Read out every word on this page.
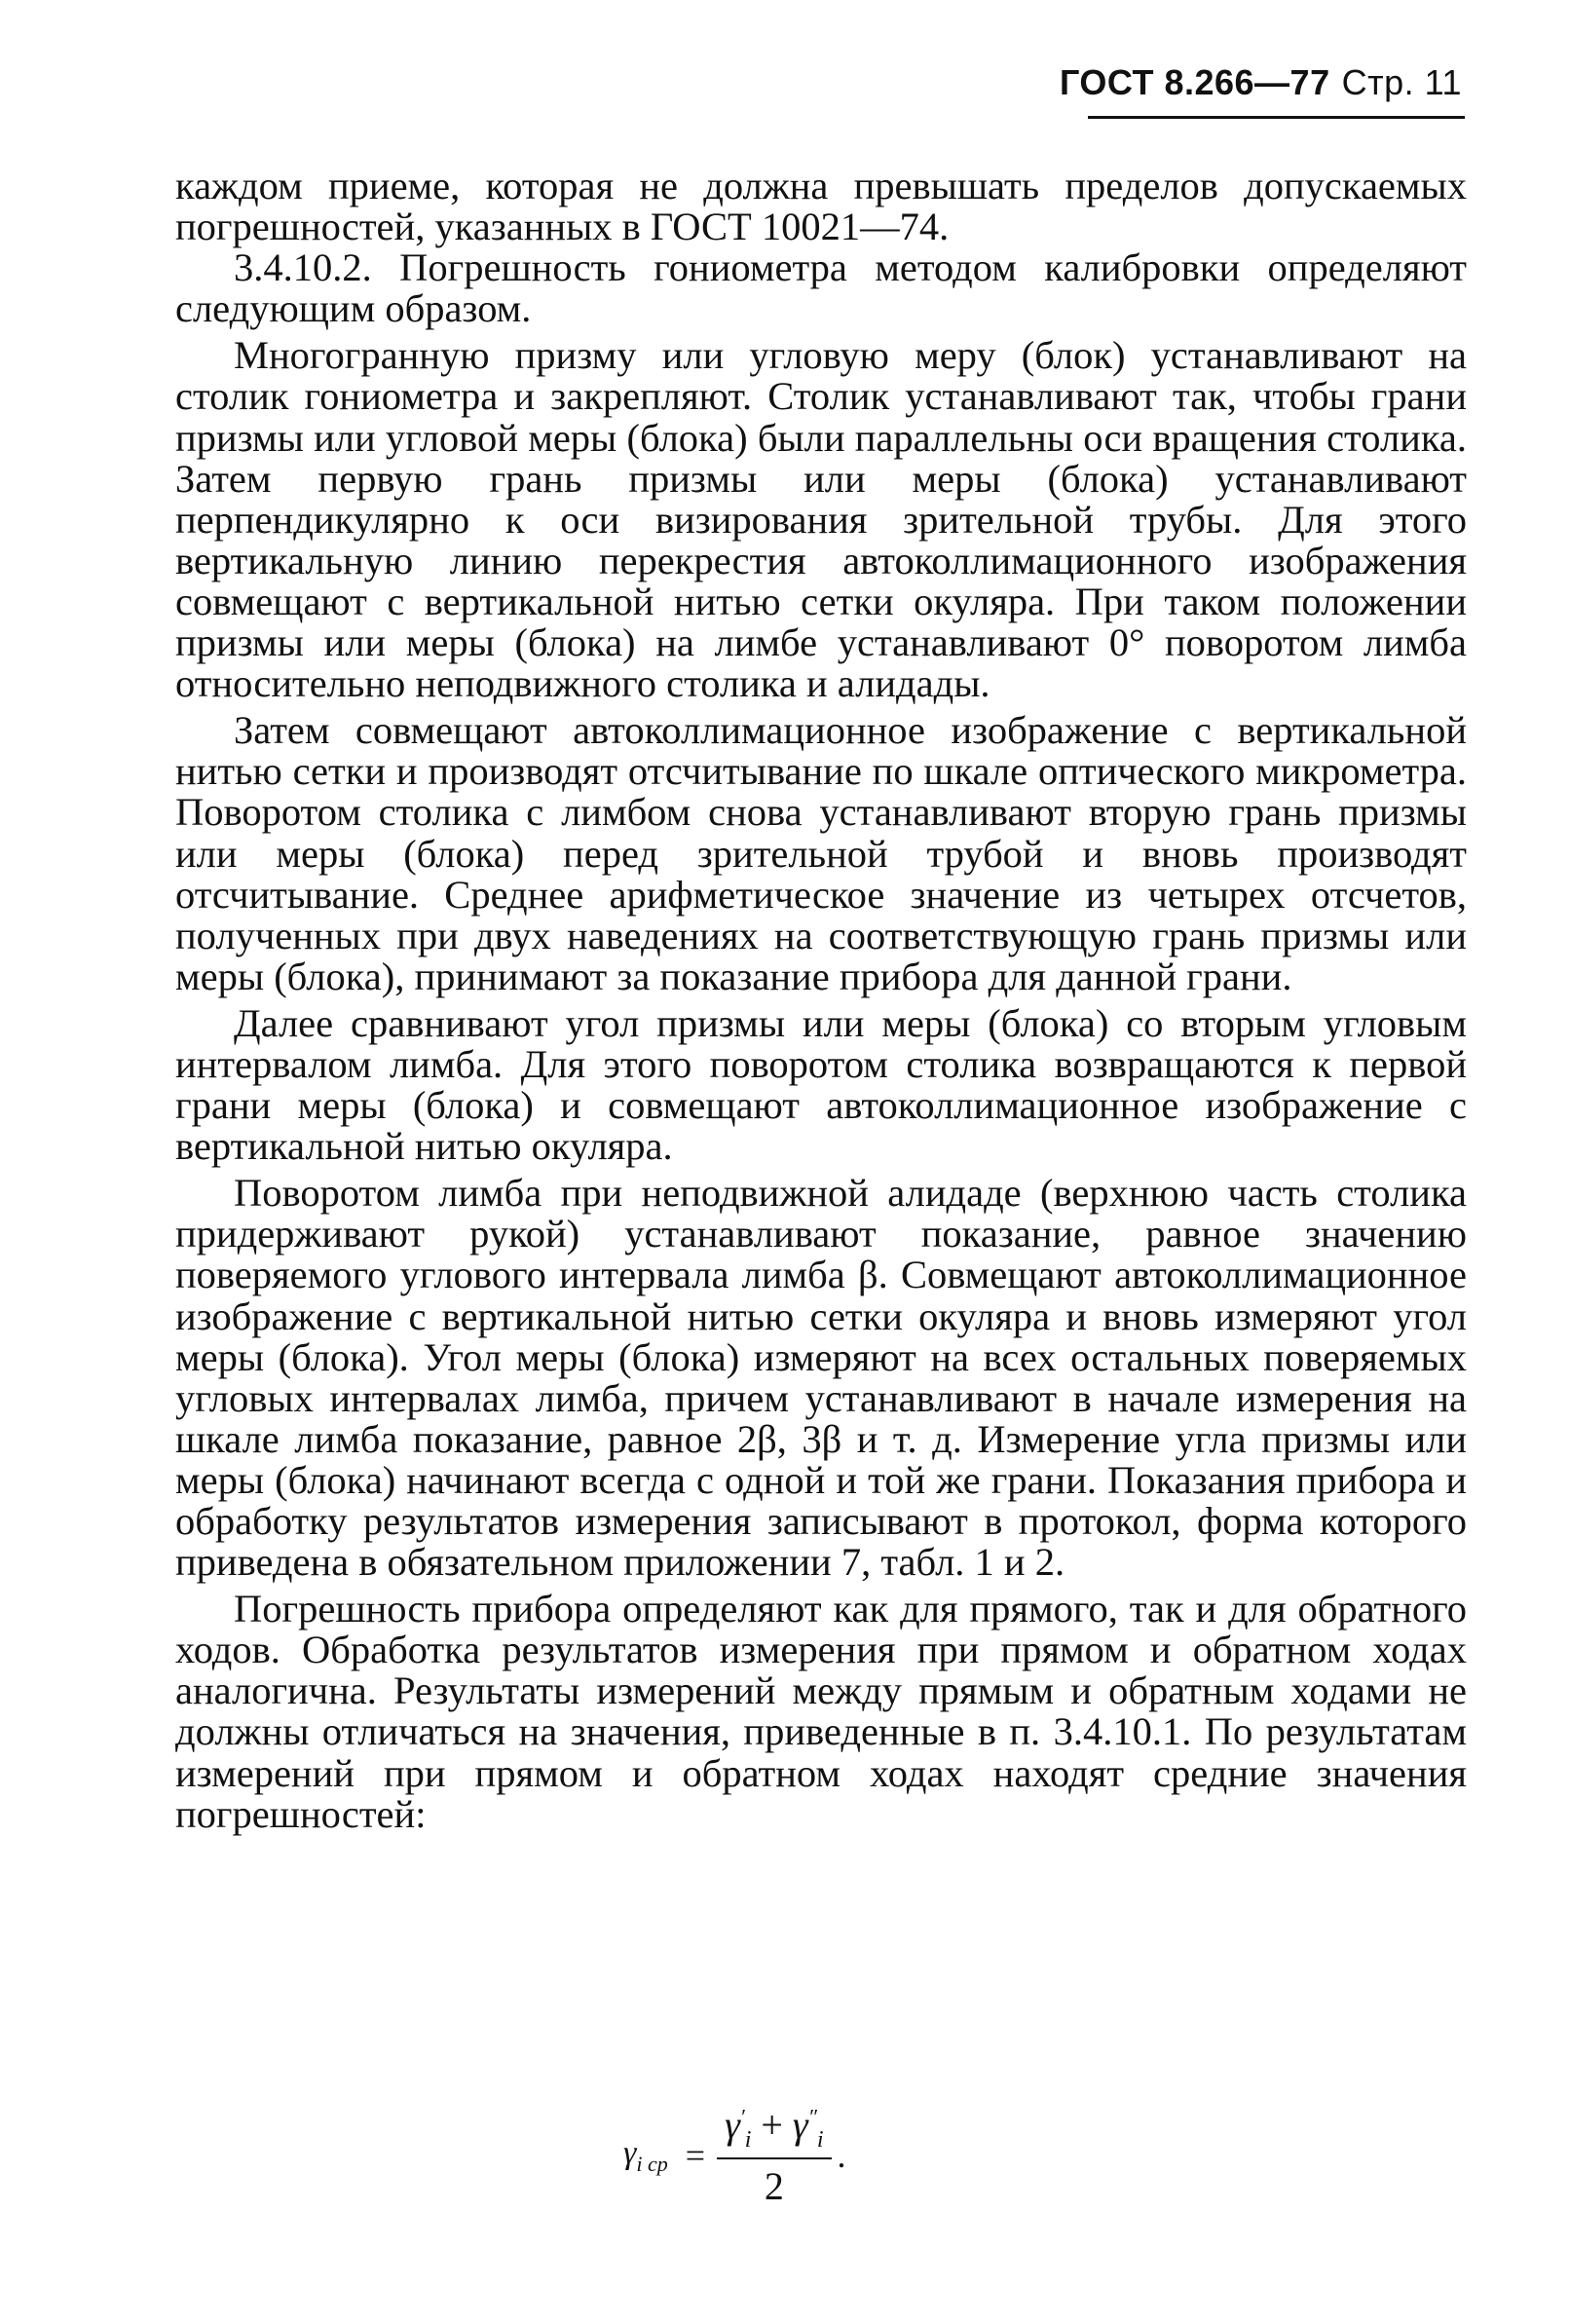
ГОСТ 8.266—77 Стр. 11

каждом приеме, которая не должна превышать пределов допускаемых погрешностей, указанных в ГОСТ 10021—74.

3.4.10.2. Погрешность гониометра методом калибровки определяют следующим образом.

Многогранную призму или угловую меру (блок) устанавливают на столик гониометра и закрепляют. Столик устанавливают так, чтобы грани призмы или угловой меры (блока) были параллельны оси вращения столика. Затем первую грань призмы или меры (блока) устанавливают перпендикулярно к оси визирования зрительной трубы. Для этого вертикальную линию перекрестия автоколлимационного изображения совмещают с вертикальной нитью сетки окуляра. При таком положении призмы или меры (блока) на лимбе устанавливают 0° поворотом лимба относительно неподвижного столика и алидады.

Затем совмещают автоколлимационное изображение с вертикальной нитью сетки и производят отсчитывание по шкале оптического микрометра. Поворотом столика с лимбом снова устанавливают вторую грань призмы или меры (блока) перед зрительной трубой и вновь производят отсчитывание. Среднее арифметическое значение из четырех отсчетов, полученных при двух наведениях на соответствующую грань призмы или меры (блока), принимают за показание прибора для данной грани.

Далее сравнивают угол призмы или меры (блока) со вторым угловым интервалом лимба. Для этого поворотом столика возвращаются к первой грани меры (блока) и совмещают автоколлимационное изображение с вертикальной нитью окуляра.

Поворотом лимба при неподвижной алидаде (верхнюю часть столика придерживают рукой) устанавливают показание, равное значению поверяемого углового интервала лимба β. Совмещают автоколлимационное изображение с вертикальной нитью сетки окуляра и вновь измеряют угол меры (блока). Угол меры (блока) измеряют на всех остальных поверяемых угловых интервалах лимба, причем устанавливают в начале измерения на шкале лимба показание, равное 2β, 3β и т. д. Измерение угла призмы или меры (блока) начинают всегда с одной и той же грани. Показания прибора и обработку результатов измерения записывают в протокол, форма которого приведена в обязательном приложении 7, табл. 1 и 2.

Погрешность прибора определяют как для прямого, так и для обратного ходов. Обработка результатов измерения при прямом и обратном ходах аналогична. Результаты измерений между прямым и обратным ходами не должны отличаться на значения, приведенные в п. 3.4.10.1. По результатам измерений при прямом и обратном ходах находят средние значения погрешностей:

$\gamma_{i ср} = \frac{\gamma'_i + \gamma''_i}{2}$ .
